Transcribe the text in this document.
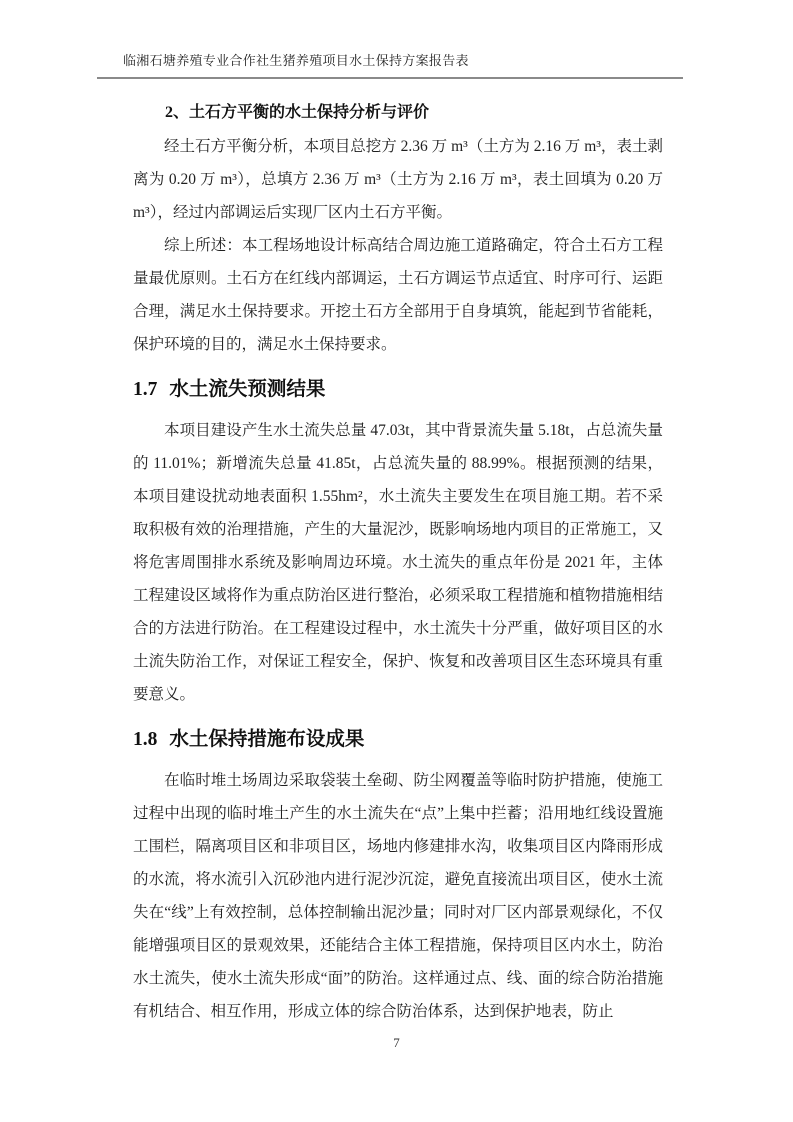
临湘石塘养殖专业合作社生猪养殖项目水土保持方案报告表
2、土石方平衡的水土保持分析与评价

经土石方平衡分析，本项目总挖方 2.36 万 m³（土方为 2.16 万 m³，表土剥离为 0.20 万 m³），总填方 2.36 万 m³（土方为 2.16 万 m³，表土回填为 0.20 万 m³），经过内部调运后实现厂区内土石方平衡。

综上所述：本工程场地设计标高结合周边施工道路确定，符合土石方工程量最优原则。土石方在红线内部调运，土石方调运节点适宜、时序可行、运距合理，满足水土保持要求。开挖土石方全部用于自身填筑，能起到节省能耗，保护环境的目的，满足水土保持要求。

1.7 水土流失预测结果

本项目建设产生水土流失总量 47.03t，其中背景流失量 5.18t，占总流失量的 11.01%；新增流失总量 41.85t，占总流失量的 88.99%。根据预测的结果，本项目建设扰动地表面积 1.55hm²，水土流失主要发生在项目施工期。若不采取积极有效的治理措施，产生的大量泥沙，既影响场地内项目的正常施工，又将危害周围排水系统及影响周边环境。水土流失的重点年份是 2021 年，主体工程建设区域将作为重点防治区进行整治，必须采取工程措施和植物措施相结合的方法进行防治。在工程建设过程中，水土流失十分严重，做好项目区的水土流失防治工作，对保证工程安全，保护、恢复和改善项目区生态环境具有重要意义。

1.8 水土保持措施布设成果

在临时堆土场周边采取袋装土垒砌、防尘网覆盖等临时防护措施，使施工过程中出现的临时堆土产生的水土流失在“点”上集中拦蓄；沿用地红线设置施工围栏，隔离项目区和非项目区，场地内修建排水沟，收集项目区内降雨形成的水流，将水流引入沉砂池内进行泥沙沉淀，避免直接流出项目区，使水土流失在“线”上有效控制，总体控制输出泥沙量；同时对厂区内部景观绿化，不仅能增强项目区的景观效果，还能结合主体工程措施，保持项目区内水土，防治水土流失，使水土流失形成“面”的防治。这样通过点、线、面的综合防治措施有机结合、相互作用，形成立体的综合防治体系，达到保护地表，防止

7
